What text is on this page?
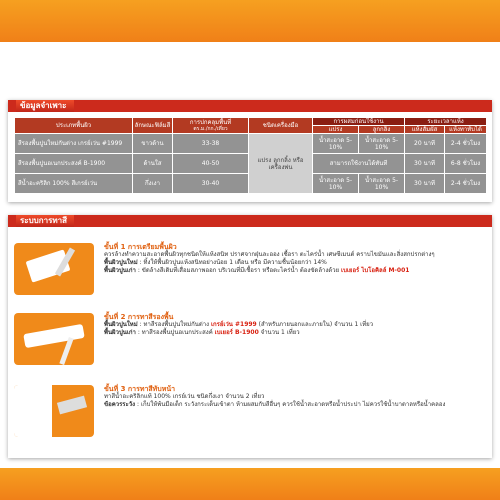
ข้อมูลจำเพาะ
ประเภทพื้นผิว	ลักษณะฟิล์มสี	การปกคลุมพื้นที่
ตร.ม./กก./เที่ยว	ชนิดเครื่องมือ	การผสมก่อนใช้งาน		ระยะเวลาแห้ง	
				แปรง	ลูกกลิ้ง	แห้งสัมผัส	แห้งทาทับได้
สีรองพื้นปูนใหม่กันด่าง เกรย์เว่น #1999	ขาวด้าน	33-38	แปรง ลูกกลิ้ง หรือ เครื่องพ่น	น้ำสะอาด 5-10%	น้ำสะอาด 5-10%	20 นาที	2-4 ชั่วโมง
สีรองพื้นปูนอเนกประสงค์ B-1900	ด้านใส	40-50		สามารถใช้งานได้ทันที		30 นาที	6-8 ชั่วโมง
สีน้ำอะคริลิก 100% สีเกรย์เว่น	กึ่งเงา	30-40		น้ำสะอาด 5-10%	น้ำสะอาด 5-10%	30 นาที	2-4 ชั่วโมง
ระบบการทาสี
ขั้นที่ 1 การเตรียมพื้นผิว
ควรล้างทำความสะอาดพื้นผิวทุกชนิดให้แห้งสนิท ปราศจากฝุ่นละออง เชื้อรา ตะไคร่น้ำ เศษซีเมนต์ คราบไขมันและสิ่งสกปรกต่างๆ
พื้นผิวปูนใหม่ : ทิ้งให้พื้นผิวปูนแห้งสนิทอย่างน้อย 1 เดือน หรือ มีความชื้นน้อยกว่า 14%
พื้นผิวปูนเก่า : ขัดล้างสีเดิมที่เสื่อมสภาพออก บริเวณที่มีเชื้อรา หรือตะไคร่น้ำ ต้องขัดล้างด้วย เบเยอร์ ไบโอคิลล์ M-001
ขั้นที่ 2 การทาสีรองพื้น
พื้นผิวปูนใหม่ : ทาสีรองพื้นปูนใหม่กันด่าง เกรย์เว่น #1999 (สำหรับภายนอกและภายใน) จำนวน 1 เที่ยว
พื้นผิวปูนเก่า : ทาสีรองพื้นปูนอเนกประสงค์ เบเยอร์ B-1900 จำนวน 1 เที่ยว
ขั้นที่ 3 การทาสีทับหน้า
ทาสีน้ำอะคริลิกแท้ 100% เกรย์เว่น ชนิดกึ่งเงา จำนวน 2 เที่ยว
ข้อควรระวัง : เก็บให้พ้นมือเด็ก ระวังกระเด็นเข้าตา ห้ามผสมกับสีอื่นๆ ควรใช้น้ำสะอาดหรือน้ำประปา ไม่ควรใช้น้ำบาดาลหรือน้ำคลอง
